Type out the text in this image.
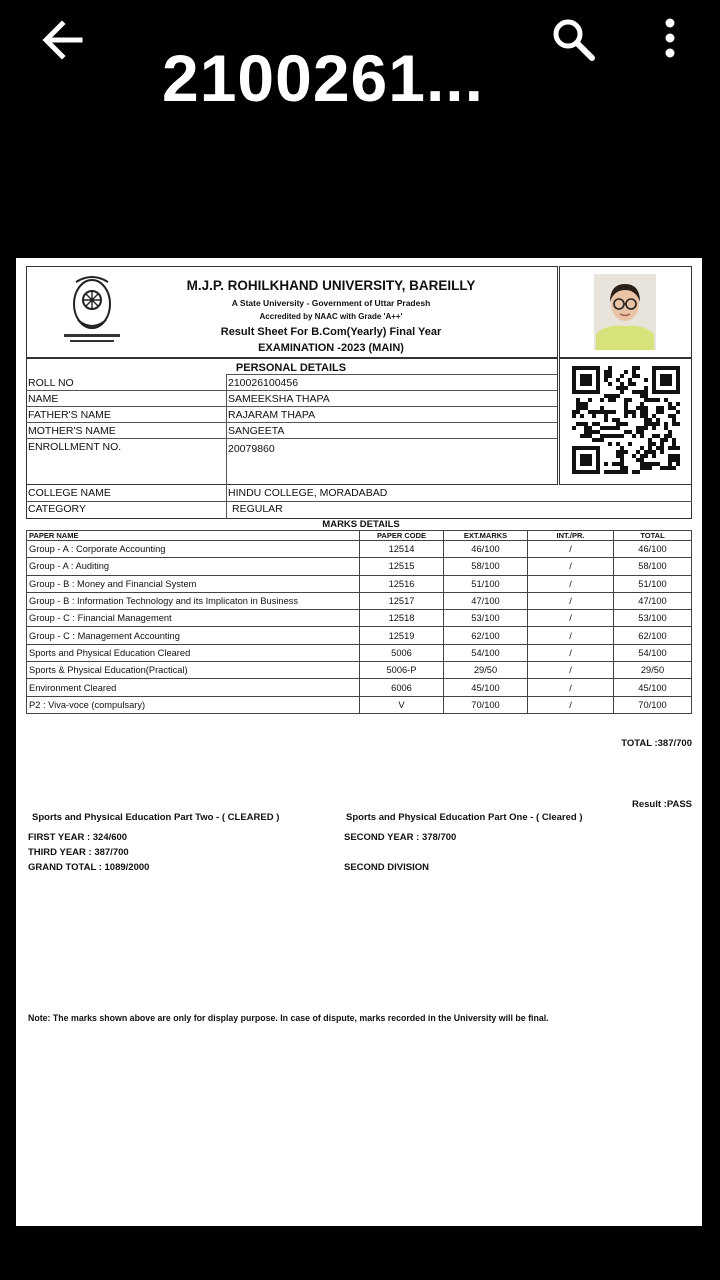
2100261...
M.J.P. ROHILKHAND UNIVERSITY, BAREILLY
A State University - Government of Uttar Pradesh
Accredited by NAAC with Grade 'A++'
Result Sheet For B.Com(Yearly) Final Year
EXAMINATION -2023 (MAIN)
PERSONAL DETAILS
ROLL NO	210026100456
NAME	SAMEEKSHA THAPA
FATHER'S NAME	RAJARAM THAPA
MOTHER'S NAME	SANGEETA
ENROLLMENT NO.	20079860
COLLEGE NAME	HINDU COLLEGE, MORADABAD
CATEGORY	REGULAR
MARKS DETAILS
PAPER NAME	PAPER CODE	EXT.MARKS	INT./PR.	TOTAL
Group - A : Corporate Accounting	12514	46/100	/	46/100
Group - A : Auditing	12515	58/100	/	58/100
Group - B : Money and Financial System	12516	51/100	/	51/100
Group - B : Information Technology and its Implicaton in Business	12517	47/100	/	47/100
Group - C : Financial Management	12518	53/100	/	53/100
Group - C : Management Accounting	12519	62/100	/	62/100
Sports and Physical Education Cleared	5006	54/100	/	54/100
Sports & Physical Education(Practical)	5006-P	29/50	/	29/50
Environment Cleared	6006	45/100	/	45/100
P2 : Viva-voce (compulsary)	V	70/100	/	70/100
TOTAL :387/700
Result :PASS
Sports and Physical Education Part Two - ( CLEARED )	Sports and Physical Education Part One - ( Cleared )
FIRST YEAR : 324/600	SECOND YEAR : 378/700
THIRD YEAR : 387/700
GRAND TOTAL : 1089/2000	SECOND DIVISION
Note: The marks shown above are only for display purpose. In case of dispute, marks recorded in the University will be final.
